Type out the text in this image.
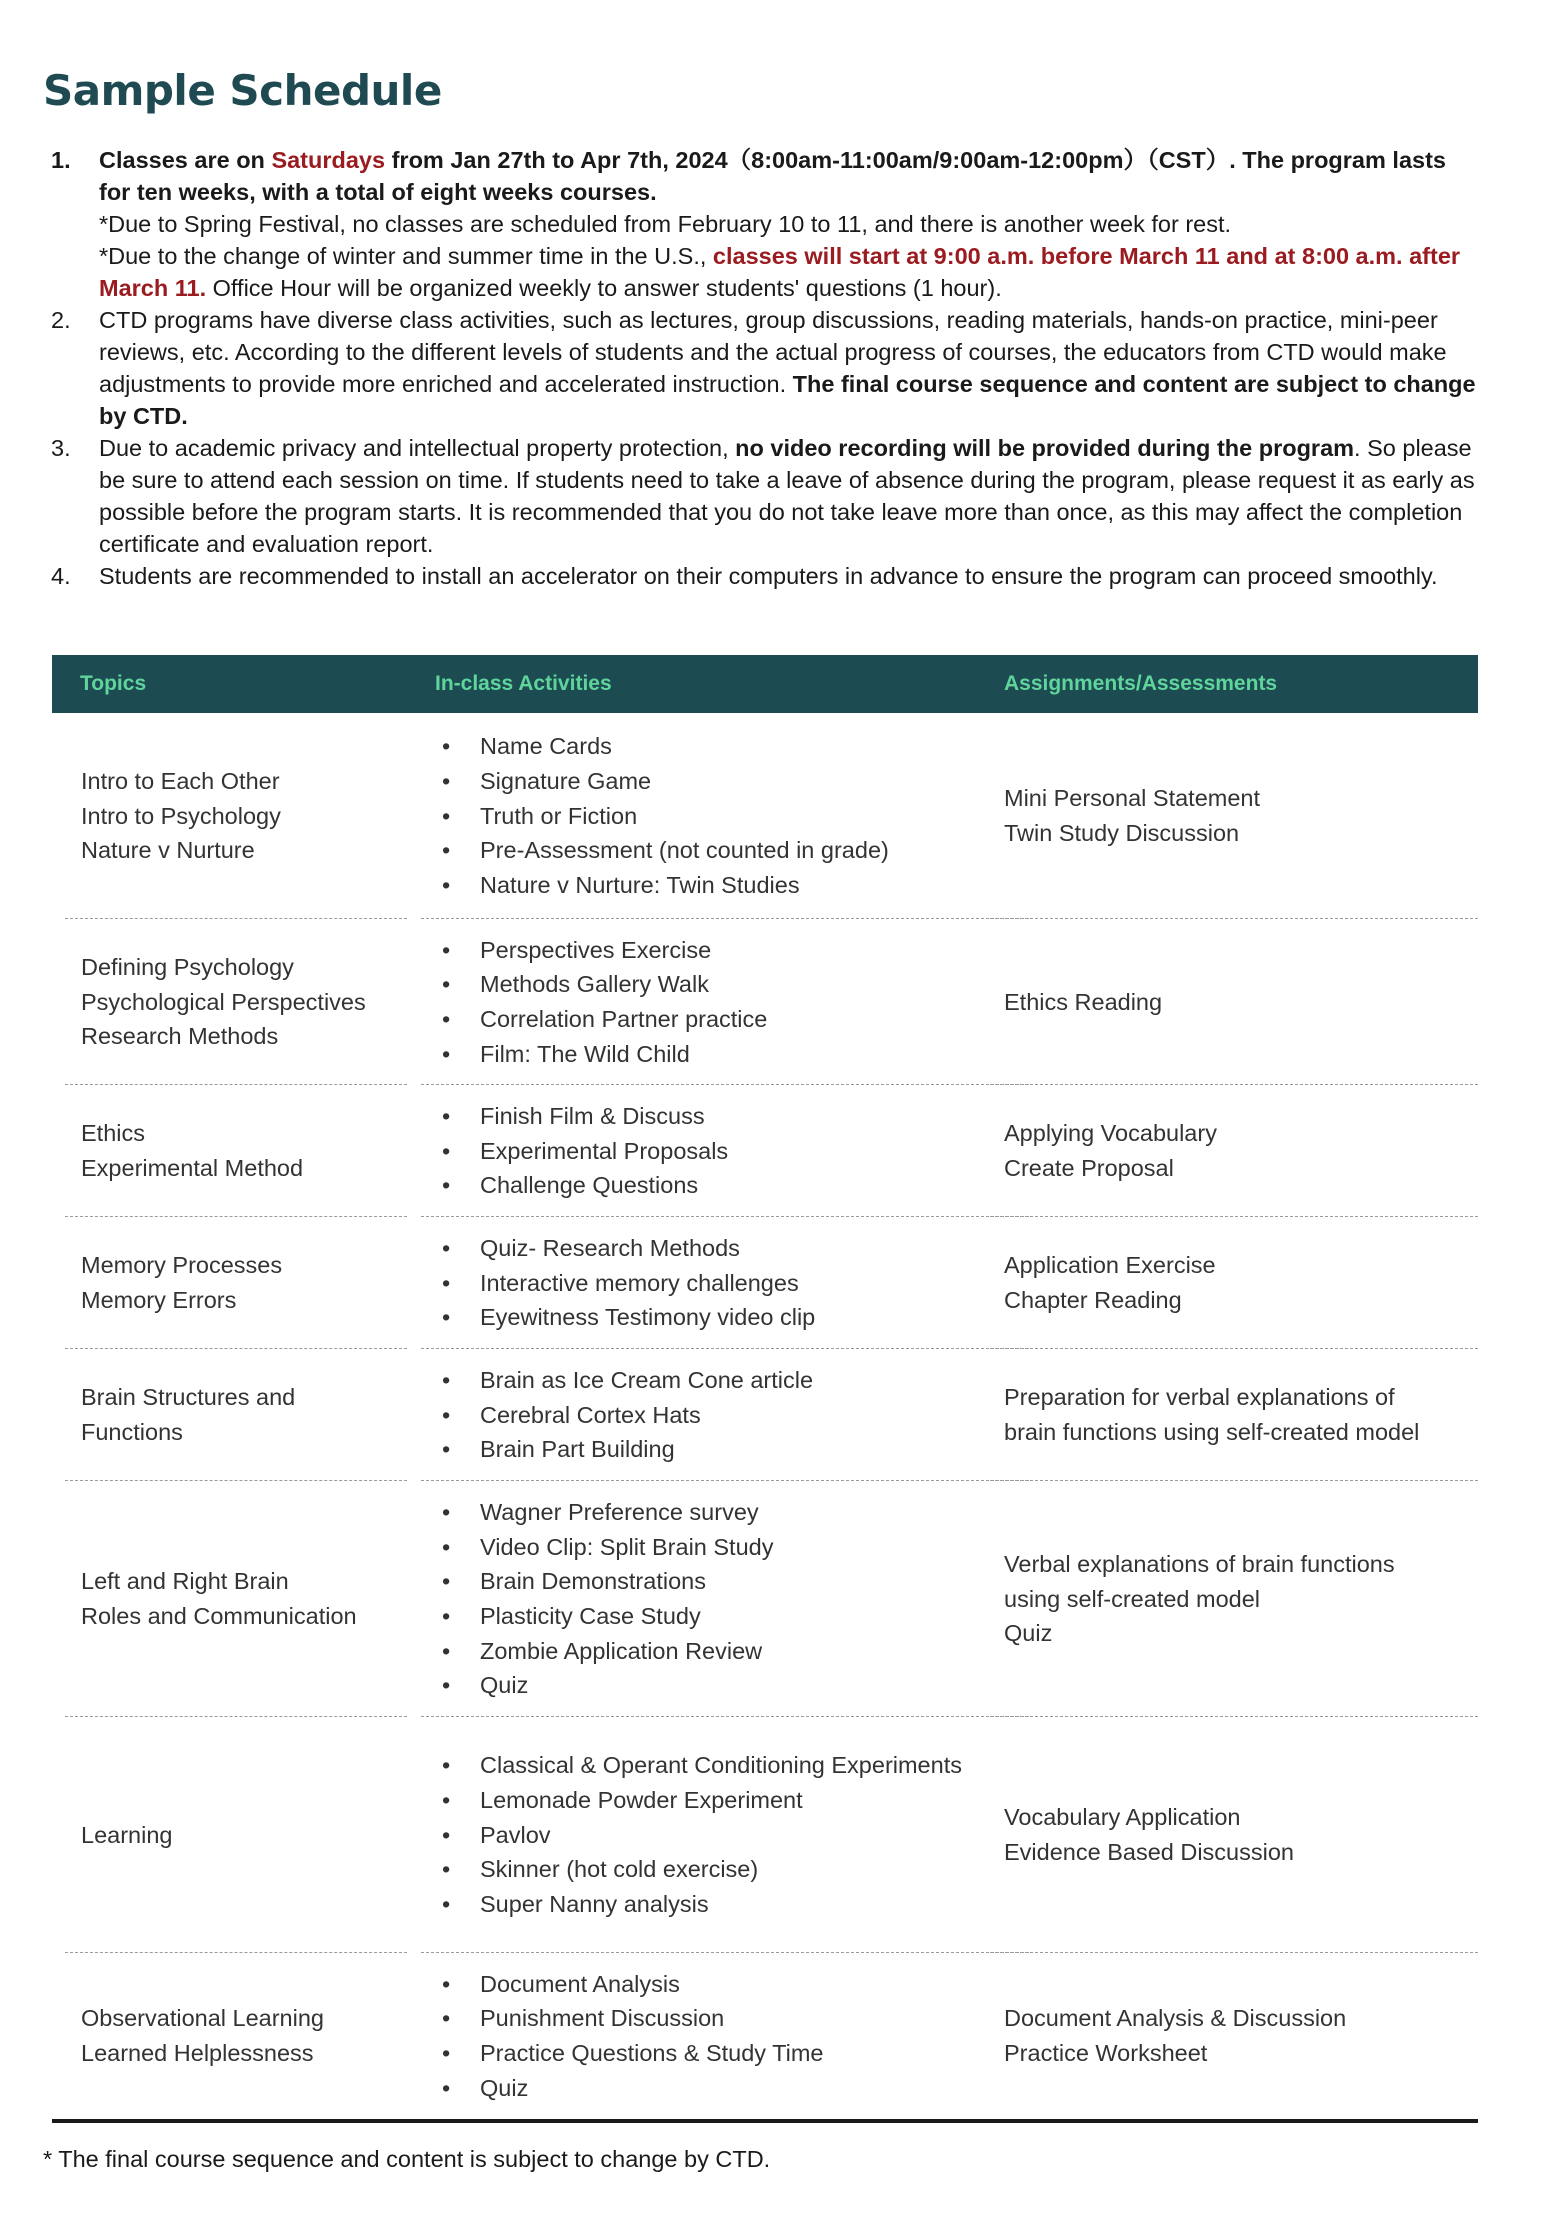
Sample Schedule
1. Classes are on Saturdays from Jan 27th to Apr 7th, 2024（8:00am-11:00am/9:00am-12:00pm）（CST）. The program lasts for ten weeks, with a total of eight weeks courses.
*Due to Spring Festival, no classes are scheduled from February 10 to 11, and there is another week for rest.
*Due to the change of winter and summer time in the U.S., classes will start at 9:00 a.m. before March 11 and at 8:00 a.m. after March 11. Office Hour will be organized weekly to answer students' questions (1 hour).
2. CTD programs have diverse class activities, such as lectures, group discussions, reading materials, hands-on practice, mini-peer reviews, etc. According to the different levels of students and the actual progress of courses, the educators from CTD would make adjustments to provide more enriched and accelerated instruction. The final course sequence and content are subject to change by CTD.
3. Due to academic privacy and intellectual property protection, no video recording will be provided during the program. So please be sure to attend each session on time. If students need to take a leave of absence during the program, please request it as early as possible before the program starts. It is recommended that you do not take leave more than once, as this may affect the completion certificate and evaluation report.
4. Students are recommended to install an accelerator on their computers in advance to ensure the program can proceed smoothly.
Topics	In-class Activities	Assignments/Assessments
Intro to Each Other
Intro to Psychology
Nature v Nurture
• Name Cards
• Signature Game
• Truth or Fiction
• Pre-Assessment (not counted in grade)
• Nature v Nurture: Twin Studies
Mini Personal Statement
Twin Study Discussion
Defining Psychology
Psychological Perspectives
Research Methods
• Perspectives Exercise
• Methods Gallery Walk
• Correlation Partner practice
• Film: The Wild Child
Ethics Reading
Ethics
Experimental Method
• Finish Film & Discuss
• Experimental Proposals
• Challenge Questions
Applying Vocabulary
Create Proposal
Memory Processes
Memory Errors
• Quiz- Research Methods
• Interactive memory challenges
• Eyewitness Testimony video clip
Application Exercise
Chapter Reading
Brain Structures and
Functions
• Brain as Ice Cream Cone article
• Cerebral Cortex Hats
• Brain Part Building
Preparation for verbal explanations of
brain functions using self-created model
Left and Right Brain
Roles and Communication
• Wagner Preference survey
• Video Clip: Split Brain Study
• Brain Demonstrations
• Plasticity Case Study
• Zombie Application Review
• Quiz
Verbal explanations of brain functions
using self-created model
Quiz
Learning
• Classical & Operant Conditioning Experiments
• Lemonade Powder Experiment
• Pavlov
• Skinner (hot cold exercise)
• Super Nanny analysis
Vocabulary Application
Evidence Based Discussion
Observational Learning
Learned Helplessness
• Document Analysis
• Punishment Discussion
• Practice Questions & Study Time
• Quiz
Document Analysis & Discussion
Practice Worksheet

* The final course sequence and content is subject to change by CTD.
